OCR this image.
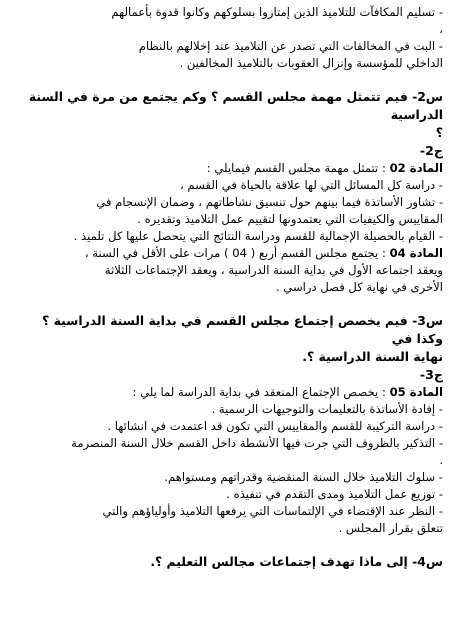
- تسليم المكافآت للتلاميذ الذين إمتازوا بسلوكهم وكانوا قدوة بأعمالهم

،

- البت في المخالفات التي تصدر عن التلاميذ عند إخلالهم بالنظام

الداخلي للمؤسسة وإنزال العقوبات بالتلاميذ المخالفين .

س2- فيم تتمثل مهمة مجلس القسم ؟ وكم يجتمع من مرة في السنة الدراسية

؟

ج2-

المادة 02 : تتمثل مهمة مجلس القسم فيمايلي :

- دراسة كل المسائل التي لها علاقة بالحياة في القسم ،

- تشاور الأساتذة فيما بينهم حول تنسيق نشاطاتهم ، وضمان الإنسجام في

المقاييس والكيفيات التي يعتمدونها لتقييم عمل التلاميذ وتقديره .

- القيام بالحصيلة الإجمالية للقسم ودراسة النتائج التي يتحصل عليها كل تلميذ .

المادة 04 : يجتمع مجلس القسم أربع ( 04 ) مرات على الأقل في السنة ،

ويعقد اجتماعه الأول في بداية السنة الدراسية ، ويعقد الإجتماعات الثلاثة

الأخرى في نهاية كل فصل دراسي .

س3- فيم يخصص إجتماع مجلس القسم في بداية السنة الدراسية ؟ وكذا في

نهاية السنة الدراسية ؟.

ج3-

المادة 05 : يخصص الإجتماع المنعقد في بداية الدراسة لما يلي :

- إفادة الأساتذة بالتعليمات والتوجيهات الرسمية .

- دراسة التركيبة للقسم والمقاييس التي تكون قد اعتمدت في انشائها .

- التذكير بالظروف التي جرت فيها الأنشطة داخل القسم خلال السنة المنصرمة

.

- سلوك التلاميذ خلال السنة المنقضية وقدراتهم ومستواهم.

- توزيع عمل التلاميذ ومدى التقدم في تنفيذه .

- النظر عند الإقتضاء في الإلتماسات التي يرفعها التلاميذ وأولياؤهم والتي

تتعلق بقرار المجلس .

س4- إلى ماذا تهدف إجتماعات مجالس التعليم ؟.
